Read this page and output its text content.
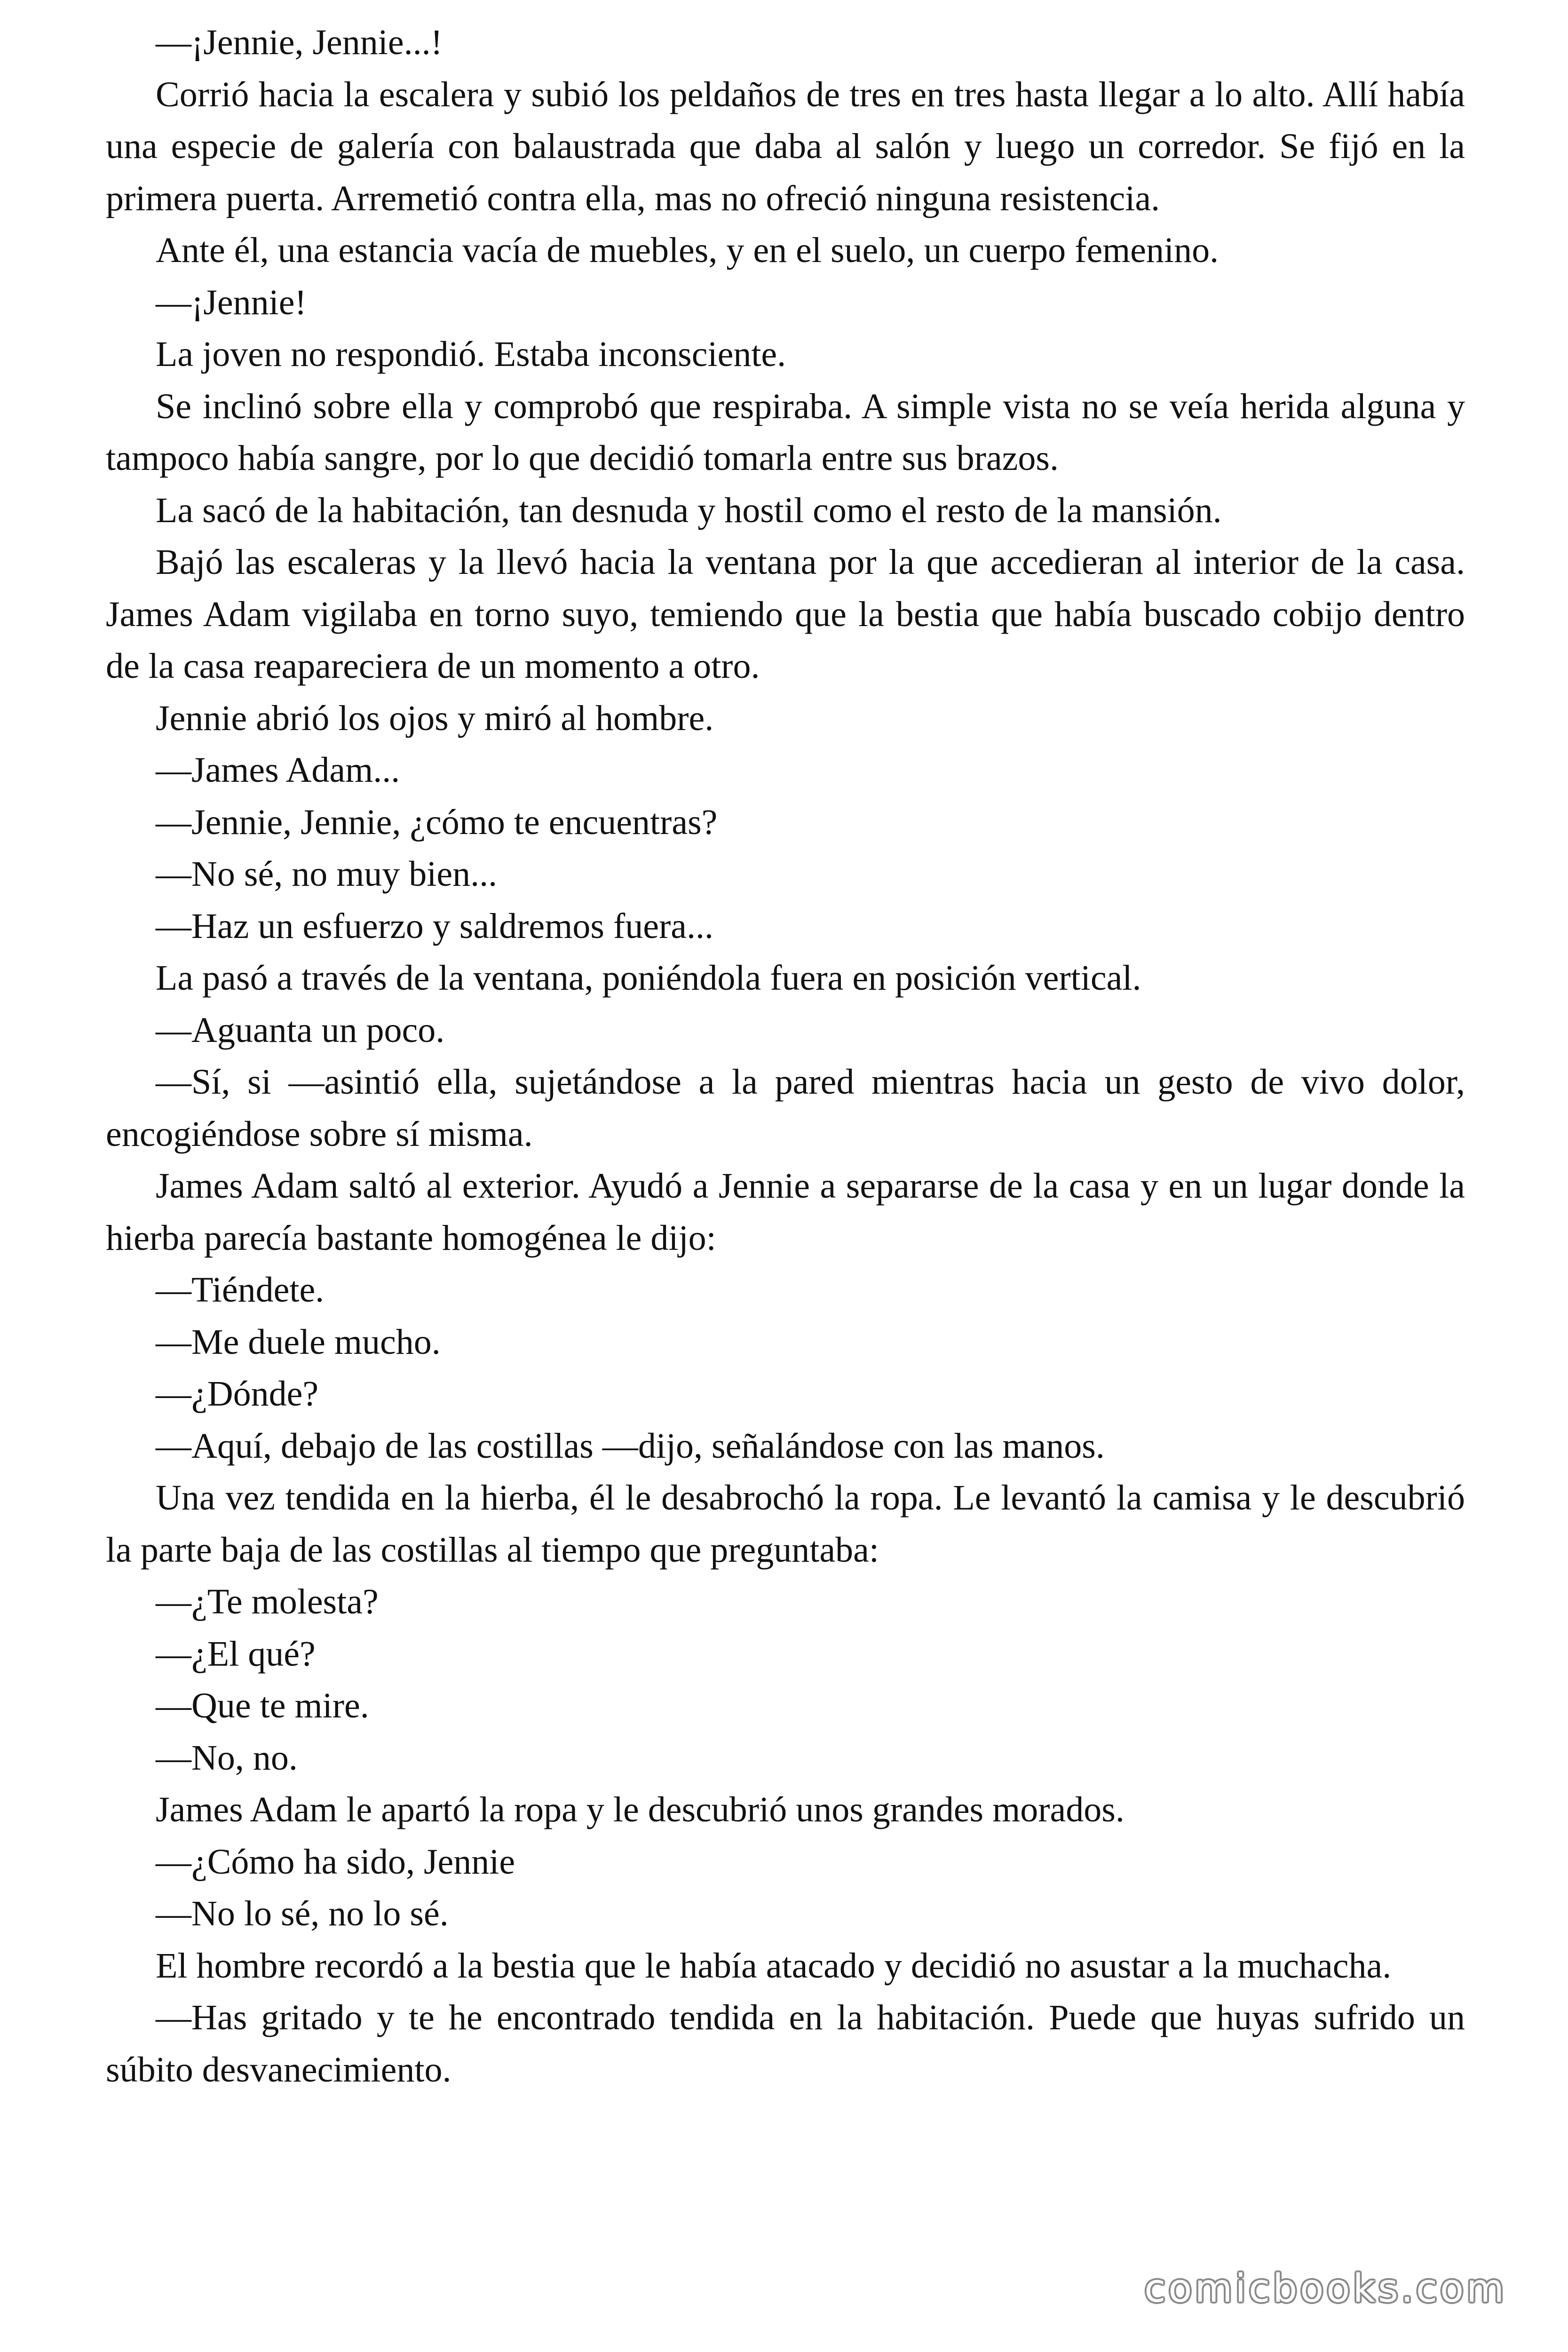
—¡Jennie, Jennie...!

Corrió hacia la escalera y subió los peldaños de tres en tres hasta llegar a lo alto. Allí había una especie de galería con balaustrada que daba al salón y luego un corredor. Se fijó en la primera puerta. Arremetió contra ella, mas no ofreció ninguna resistencia.

Ante él, una estancia vacía de muebles, y en el suelo, un cuerpo femenino.

—¡Jennie!

La joven no respondió. Estaba inconsciente.

Se inclinó sobre ella y comprobó que respiraba. A simple vista no se veía herida alguna y tampoco había sangre, por lo que decidió tomarla entre sus brazos.

La sacó de la habitación, tan desnuda y hostil como el resto de la mansión.

Bajó las escaleras y la llevó hacia la ventana por la que accedieran al interior de la casa. James Adam vigilaba en torno suyo, temiendo que la bestia que había buscado cobijo dentro de la casa reapareciera de un momento a otro.

Jennie abrió los ojos y miró al hombre.

—James Adam...

—Jennie, Jennie, ¿cómo te encuentras?

—No sé, no muy bien...

—Haz un esfuerzo y saldremos fuera...

La pasó a través de la ventana, poniéndola fuera en posición vertical.

—Aguanta un poco.

—Sí, si —asintió ella, sujetándose a la pared mientras hacia un gesto de vivo dolor, encogiéndose sobre sí misma.

James Adam saltó al exterior. Ayudó a Jennie a separarse de la casa y en un lugar donde la hierba parecía bastante homogénea le dijo:

—Tiéndete.

—Me duele mucho.

—¿Dónde?

—Aquí, debajo de las costillas —dijo, señalándose con las manos.

Una vez tendida en la hierba, él le desabrochó la ropa. Le levantó la camisa y le descubrió la parte baja de las costillas al tiempo que preguntaba:

—¿Te molesta?

—¿El qué?

—Que te mire.

—No, no.

James Adam le apartó la ropa y le descubrió unos grandes morados.

—¿Cómo ha sido, Jennie

—No lo sé, no lo sé.

El hombre recordó a la bestia que le había atacado y decidió no asustar a la muchacha.

—Has gritado y te he encontrado tendida en la habitación. Puede que huyas sufrido un súbito desvanecimiento.

comicbooks.com
